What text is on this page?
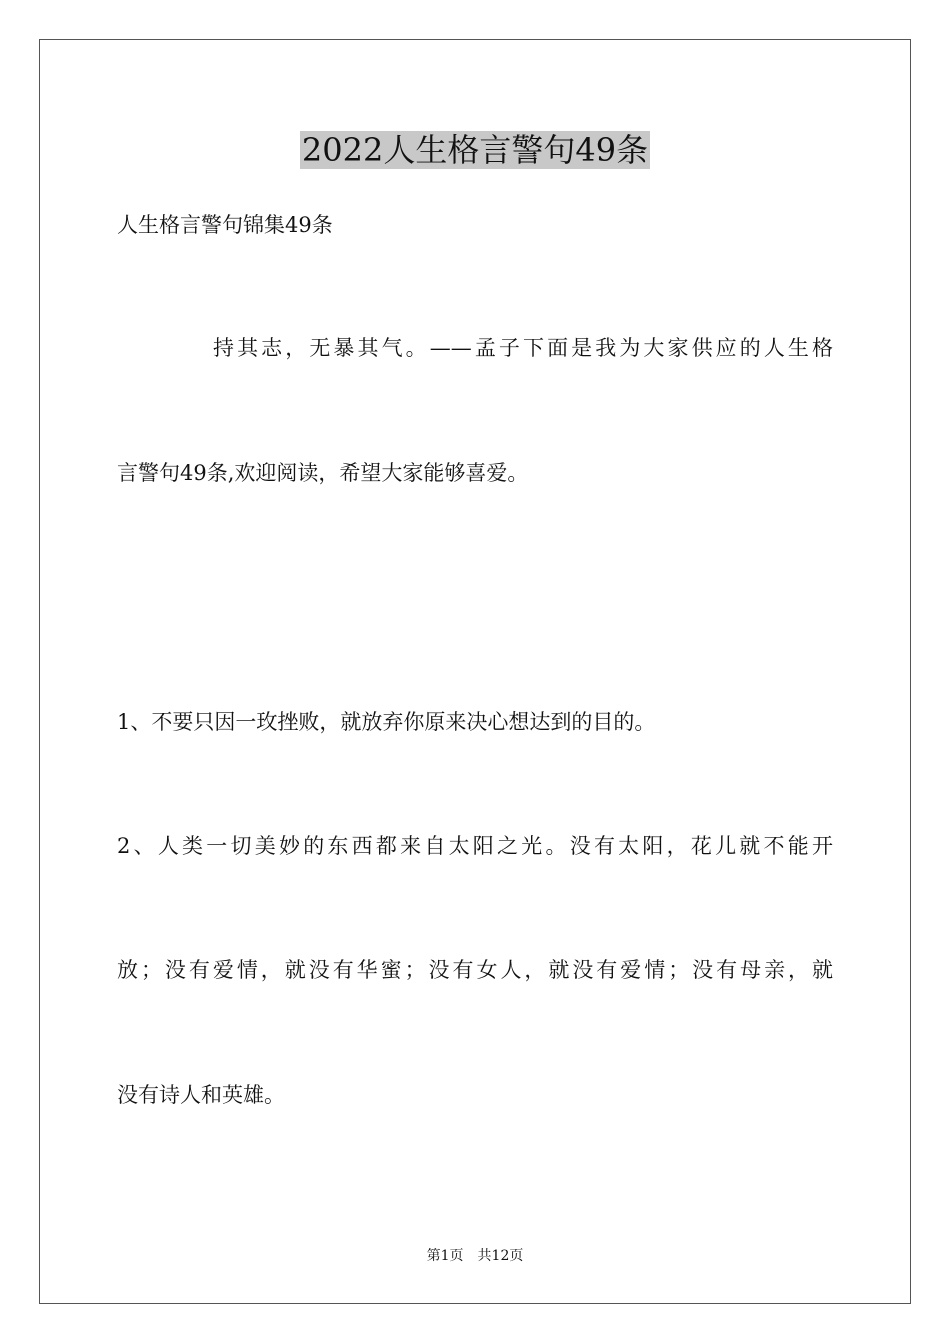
2022人生格言警句49条

人生格言警句锦集49条

持其志，无暴其气。——孟子下面是我为大家供应的人生格

言警句49条,欢迎阅读，希望大家能够喜爱。

1、不要只因一玫挫败，就放弃你原来决心想达到的目的。

2、人类一切美妙的东西都来自太阳之光。没有太阳，花儿就不能开

放；没有爱情，就没有华蜜；没有女人，就没有爱情；没有母亲，就

没有诗人和英雄。

第1页　共12页
